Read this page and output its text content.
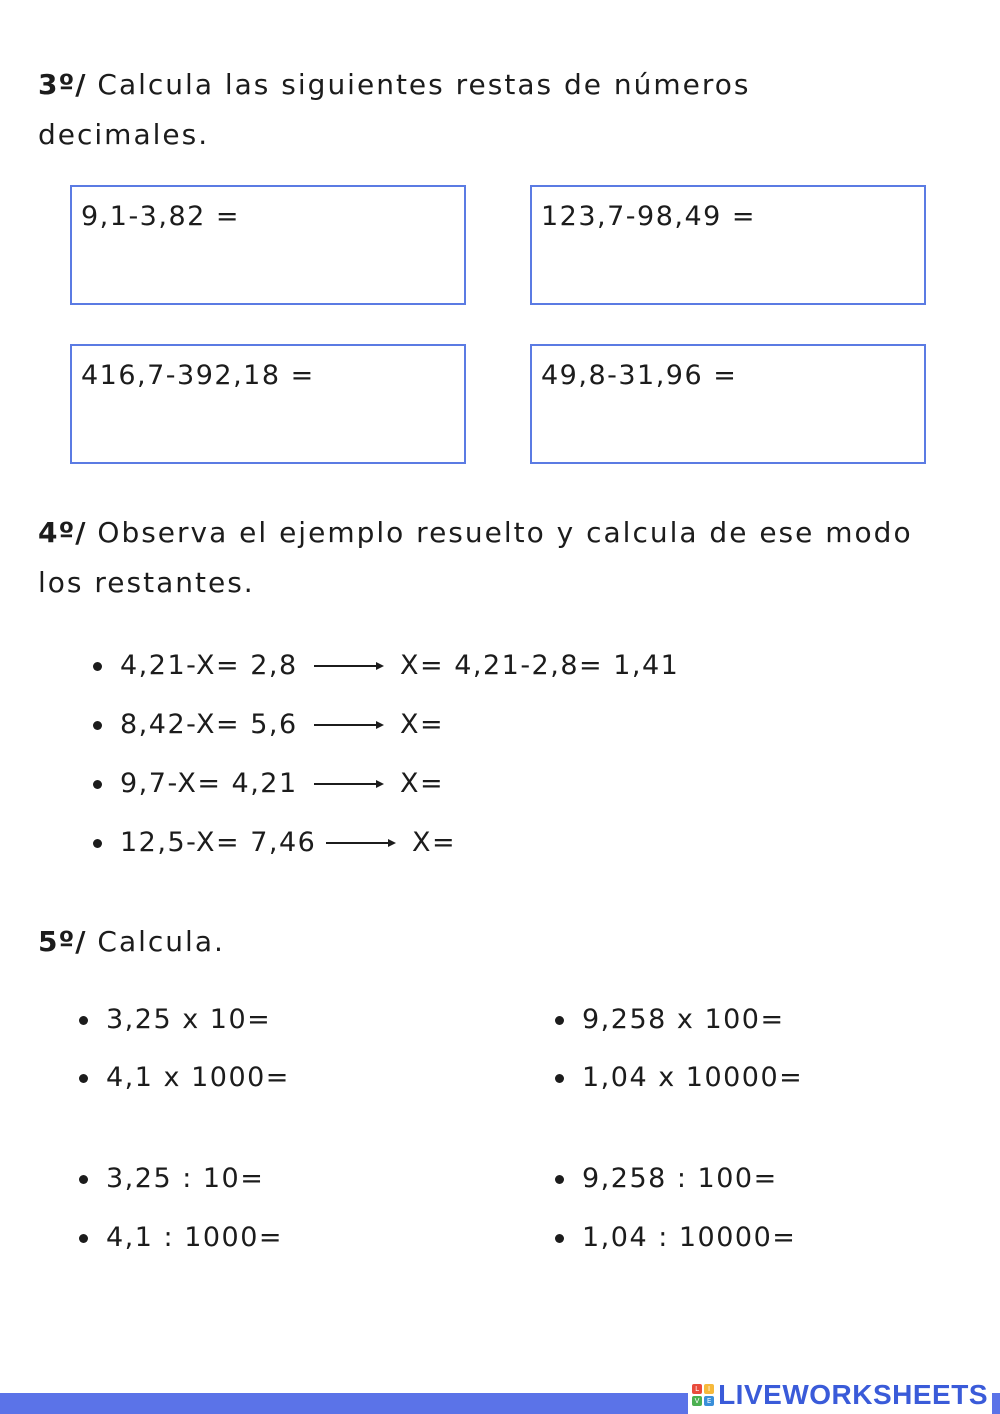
3º/ Calcula las siguientes restas de números decimales.
9,1-3,82 =	123,7-98,49 =
416,7-392,18 =	49,8-31,96 =
4º/ Observa el ejemplo resuelto y calcula de ese modo los restantes.
4,21-X= 2,8	X= 4,21-2,8= 1,41
8,42-X= 5,6	X=
9,7-X= 4,21	X=
12,5-X= 7,46	X=
5º/ Calcula.
3,25 x 10=
4,1 x 1000=
3,25 : 10=
4,1 : 1000=
9,258 x 100=
1,04 x 10000=
9,258 : 100=
1,04 : 10000=
L	I
V	E LIVEWORKSHEETS
